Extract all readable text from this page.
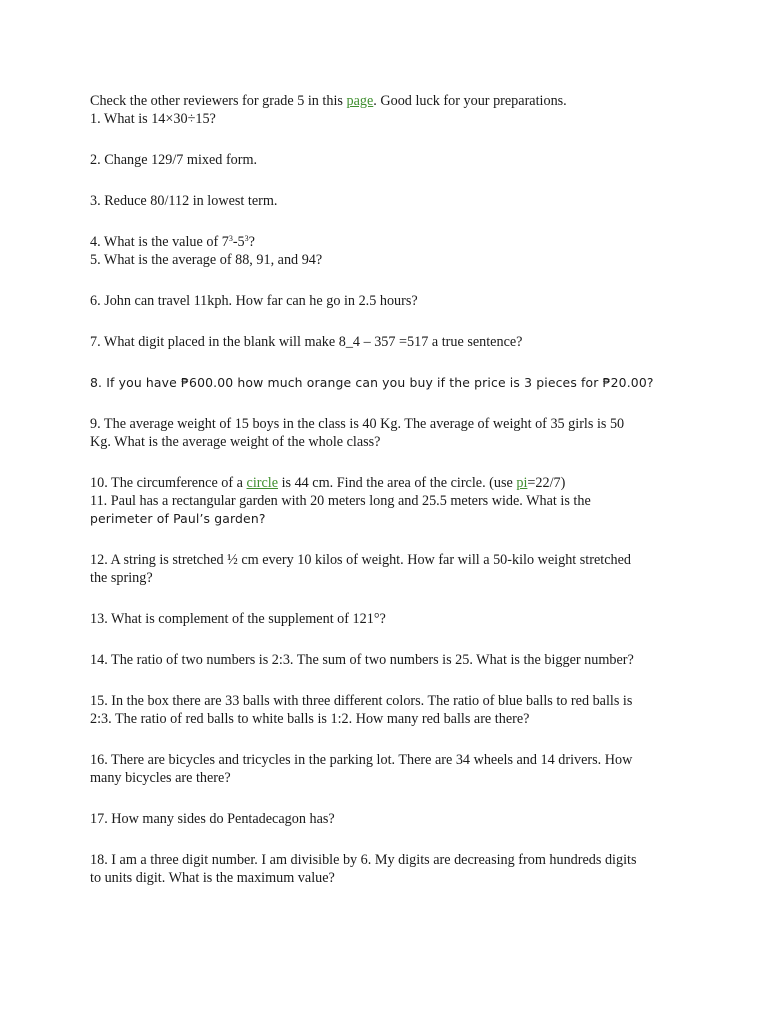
Check the other reviewers for grade 5 in this page. Good luck for your preparations.
1. What is 14×30÷15?
2. Change 129/7 mixed form.
3. Reduce 80/112 in lowest term.
4. What is the value of $7^3-5^3$?
5. What is the average of 88, 91, and 94?
6. John can travel 11kph. How far can he go in 2.5 hours?
7. What digit placed in the blank will make 8_4 – 357 =517 a true sentence?
8. If you have ₱600.00 how much orange can you buy if the price is 3 pieces for ₱20.00?
9. The average weight of 15 boys in the class is 40 Kg. The average of weight of 35 girls is 50
Kg. What is the average weight of the whole class?
10. The circumference of a circle is 44 cm. Find the area of the circle. (use pi=22/7)
11. Paul has a rectangular garden with 20 meters long and 25.5 meters wide. What is the
perimeter of Paul’s garden?
12. A string is stretched ½ cm every 10 kilos of weight. How far will a 50-kilo weight stretched
the spring?
13. What is complement of the supplement of 121°?
14. The ratio of two numbers is 2:3. The sum of two numbers is 25. What is the bigger number?
15. In the box there are 33 balls with three different colors. The ratio of blue balls to red balls is
2:3. The ratio of red balls to white balls is 1:2. How many red balls are there?
16. There are bicycles and tricycles in the parking lot. There are 34 wheels and 14 drivers. How
many bicycles are there?
17. How many sides do Pentadecagon has?
18. I am a three digit number. I am divisible by 6. My digits are decreasing from hundreds digits
to units digit. What is the maximum value?
